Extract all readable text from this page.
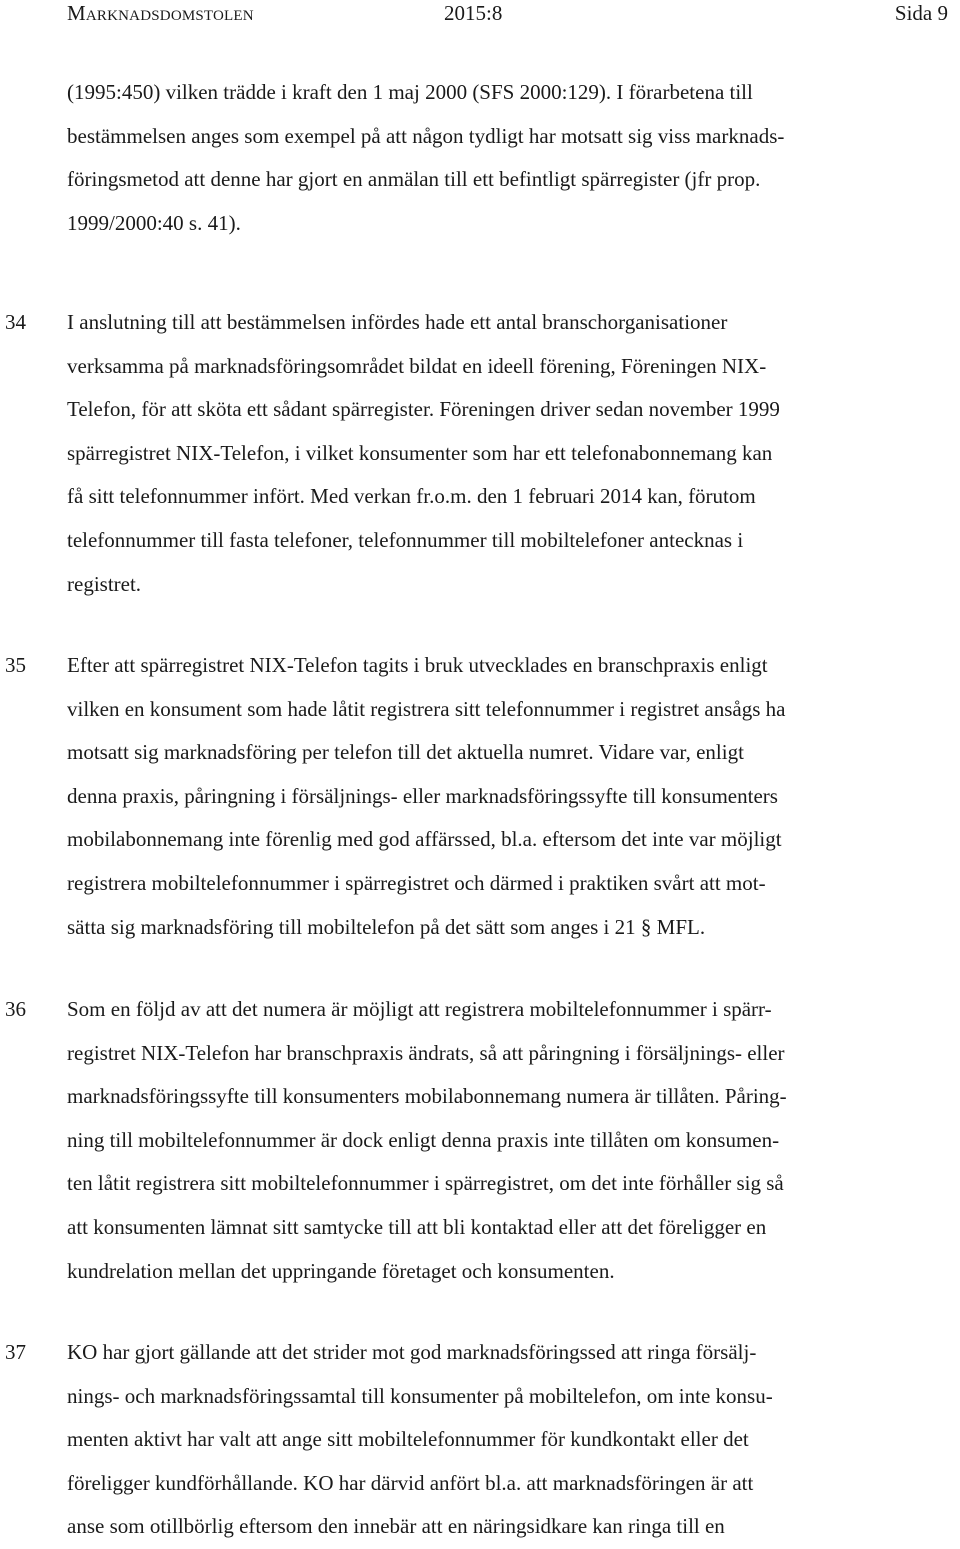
Marknadsdomstolen	2015:8	Sida 9
(1995:450) vilken trädde i kraft den 1 maj 2000 (SFS 2000:129). I förarbetena till
bestämmelsen anges som exempel på att någon tydligt har motsatt sig viss marknads-
föringsmetod att denne har gjort en anmälan till ett befintligt spärregister (jfr prop.
1999/2000:40 s. 41).
34 I anslutning till att bestämmelsen infördes hade ett antal branschorganisationer
verksamma på marknadsföringsområdet bildat en ideell förening, Föreningen NIX-
Telefon, för att sköta ett sådant spärregister. Föreningen driver sedan november 1999
spärregistret NIX-Telefon, i vilket konsumenter som har ett telefonabonnemang kan
få sitt telefonnummer infört. Med verkan fr.o.m. den 1 februari 2014 kan, förutom
telefonnummer till fasta telefoner, telefonnummer till mobiltelefoner antecknas i
registret.
35 Efter att spärregistret NIX-Telefon tagits i bruk utvecklades en branschpraxis enligt
vilken en konsument som hade låtit registrera sitt telefonnummer i registret ansågs ha
motsatt sig marknadsföring per telefon till det aktuella numret. Vidare var, enligt
denna praxis, påringning i försäljnings- eller marknadsföringssyfte till konsumenters
mobilabonnemang inte förenlig med god affärssed, bl.a. eftersom det inte var möjligt
registrera mobiltelefonnummer i spärregistret och därmed i praktiken svårt att mot-
sätta sig marknadsföring till mobiltelefon på det sätt som anges i 21 § MFL.
36 Som en följd av att det numera är möjligt att registrera mobiltelefonnummer i spärr-
registret NIX-Telefon har branschpraxis ändrats, så att påringning i försäljnings- eller
marknadsföringssyfte till konsumenters mobilabonnemang numera är tillåten. Påring-
ning till mobiltelefonnummer är dock enligt denna praxis inte tillåten om konsumen-
ten låtit registrera sitt mobiltelefonnummer i spärregistret, om det inte förhåller sig så
att konsumenten lämnat sitt samtycke till att bli kontaktad eller att det föreligger en
kundrelation mellan det uppringande företaget och konsumenten.
37 KO har gjort gällande att det strider mot god marknadsföringssed att ringa försälj-
nings- och marknadsföringssamtal till konsumenter på mobiltelefon, om inte konsu-
menten aktivt har valt att ange sitt mobiltelefonnummer för kundkontakt eller det
föreligger kundförhållande. KO har därvid anfört bl.a. att marknadsföringen är att
anse som otillbörlig eftersom den innebär att en näringsidkare kan ringa till en
